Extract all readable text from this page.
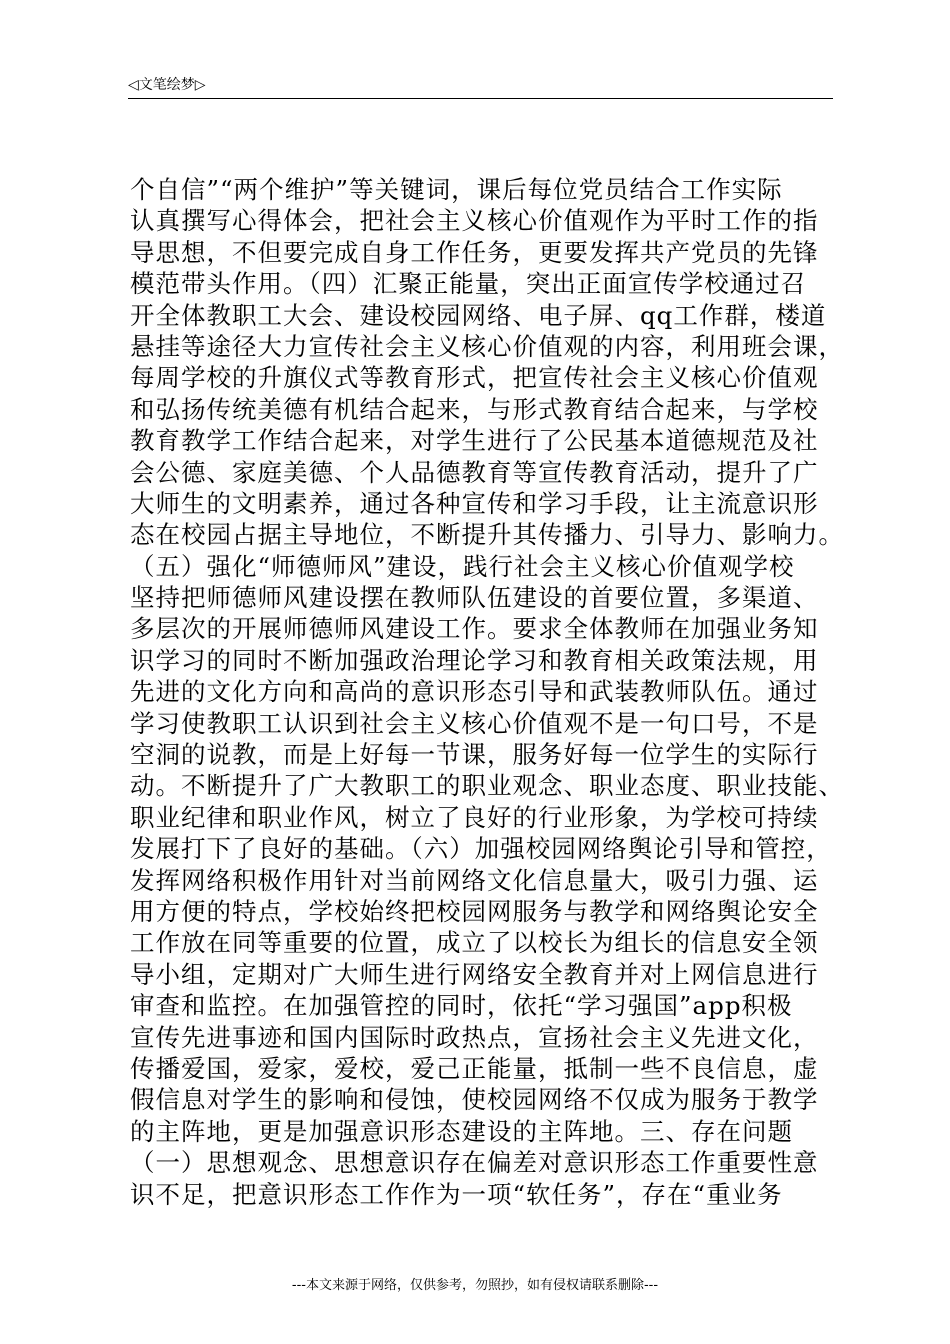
◁文笔绘梦▷
个自信”“两个维护”等关键词，课后每位党员结合工作实际
认真撰写心得体会，把社会主义核心价值观作为平时工作的指
导思想，不但要完成自身工作任务，更要发挥共产党员的先锋
模范带头作用。（四）汇聚正能量，突出正面宣传学校通过召
开全体教职工大会、建设校园网络、电子屏、qq工作群，楼道
悬挂等途径大力宣传社会主义核心价值观的内容，利用班会课，
每周学校的升旗仪式等教育形式，把宣传社会主义核心价值观
和弘扬传统美德有机结合起来，与形式教育结合起来，与学校
教育教学工作结合起来，对学生进行了公民基本道德规范及社
会公德、家庭美德、个人品德教育等宣传教育活动，提升了广
大师生的文明素养，通过各种宣传和学习手段，让主流意识形
态在校园占据主导地位，不断提升其传播力、引导力、影响力。
（五）强化“师德师风”建设，践行社会主义核心价值观学校
坚持把师德师风建设摆在教师队伍建设的首要位置，多渠道、
多层次的开展师德师风建设工作。要求全体教师在加强业务知
识学习的同时不断加强政治理论学习和教育相关政策法规，用
先进的文化方向和高尚的意识形态引导和武装教师队伍。通过
学习使教职工认识到社会主义核心价值观不是一句口号，不是
空洞的说教，而是上好每一节课，服务好每一位学生的实际行
动。不断提升了广大教职工的职业观念、职业态度、职业技能、
职业纪律和职业作风，树立了良好的行业形象，为学校可持续
发展打下了良好的基础。（六）加强校园网络舆论引导和管控，
发挥网络积极作用针对当前网络文化信息量大，吸引力强、运
用方便的特点，学校始终把校园网服务与教学和网络舆论安全
工作放在同等重要的位置，成立了以校长为组长的信息安全领
导小组，定期对广大师生进行网络安全教育并对上网信息进行
审查和监控。在加强管控的同时，依托“学习强国”app积极
宣传先进事迹和国内国际时政热点，宣扬社会主义先进文化，
传播爱国，爱家，爱校，爱己正能量，抵制一些不良信息，虚
假信息对学生的影响和侵蚀，使校园网络不仅成为服务于教学
的主阵地，更是加强意识形态建设的主阵地。三、存在问题
（一）思想观念、思想意识存在偏差对意识形态工作重要性意
识不足，把意识形态工作作为一项“软任务”，存在“重业务
---本文来源于网络，仅供参考，勿照抄，如有侵权请联系删除---
